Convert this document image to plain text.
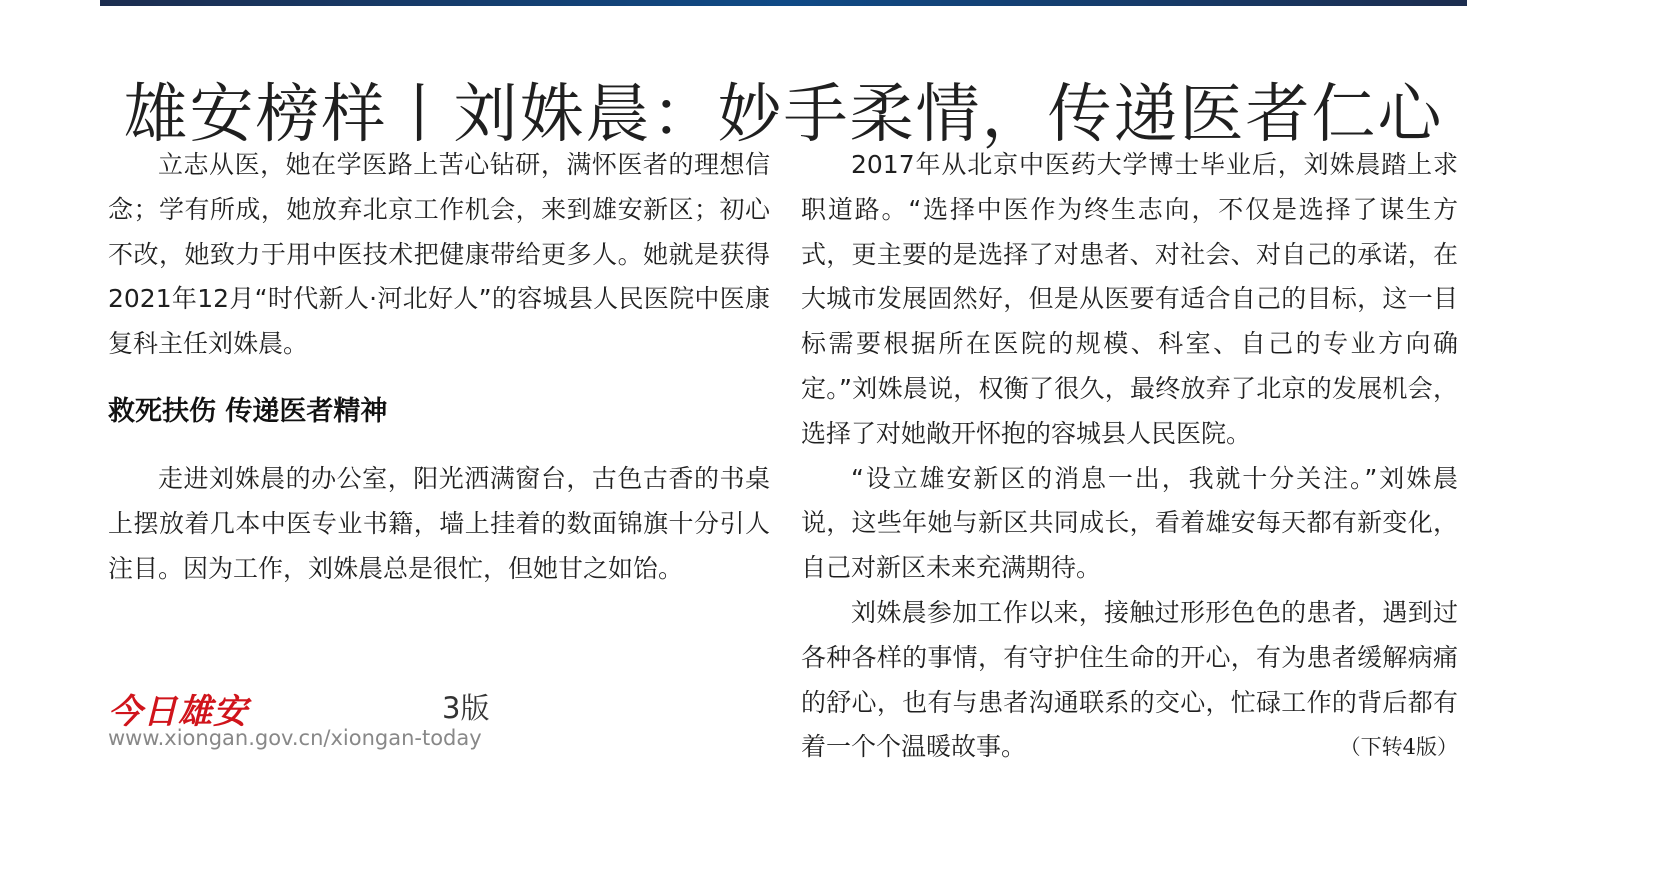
雄安榜样丨刘姝晨：妙手柔情，传递医者仁心

立志从医，她在学医路上苦心钻研，满怀医者的理想信念；学有所成，她放弃北京工作机会，来到雄安新区；初心不改，她致力于用中医技术把健康带给更多人。她就是获得2021年12月“时代新人·河北好人”的容城县人民医院中医康复科主任刘姝晨。

救死扶伤 传递医者精神

走进刘姝晨的办公室，阳光洒满窗台，古色古香的书桌上摆放着几本中医专业书籍，墙上挂着的数面锦旗十分引人注目。因为工作，刘姝晨总是很忙，但她甘之如饴。

2017年从北京中医药大学博士毕业后，刘姝晨踏上求职道路。“选择中医作为终生志向，不仅是选择了谋生方式，更主要的是选择了对患者、对社会、对自己的承诺，在大城市发展固然好，但是从医要有适合自己的目标，这一目标需要根据所在医院的规模、科室、自己的专业方向确定。”刘姝晨说，权衡了很久，最终放弃了北京的发展机会，选择了对她敞开怀抱的容城县人民医院。

“设立雄安新区的消息一出，我就十分关注。”刘姝晨说，这些年她与新区共同成长，看着雄安每天都有新变化，自己对新区未来充满期待。

刘姝晨参加工作以来，接触过形形色色的患者，遇到过各种各样的事情，有守护住生命的开心，有为患者缓解病痛的舒心，也有与患者沟通联系的交心，忙碌工作的背后都有着一个个温暖故事。	（下转4版）

今日雄安	3版
www.xiongan.gov.cn/xiongan-today
